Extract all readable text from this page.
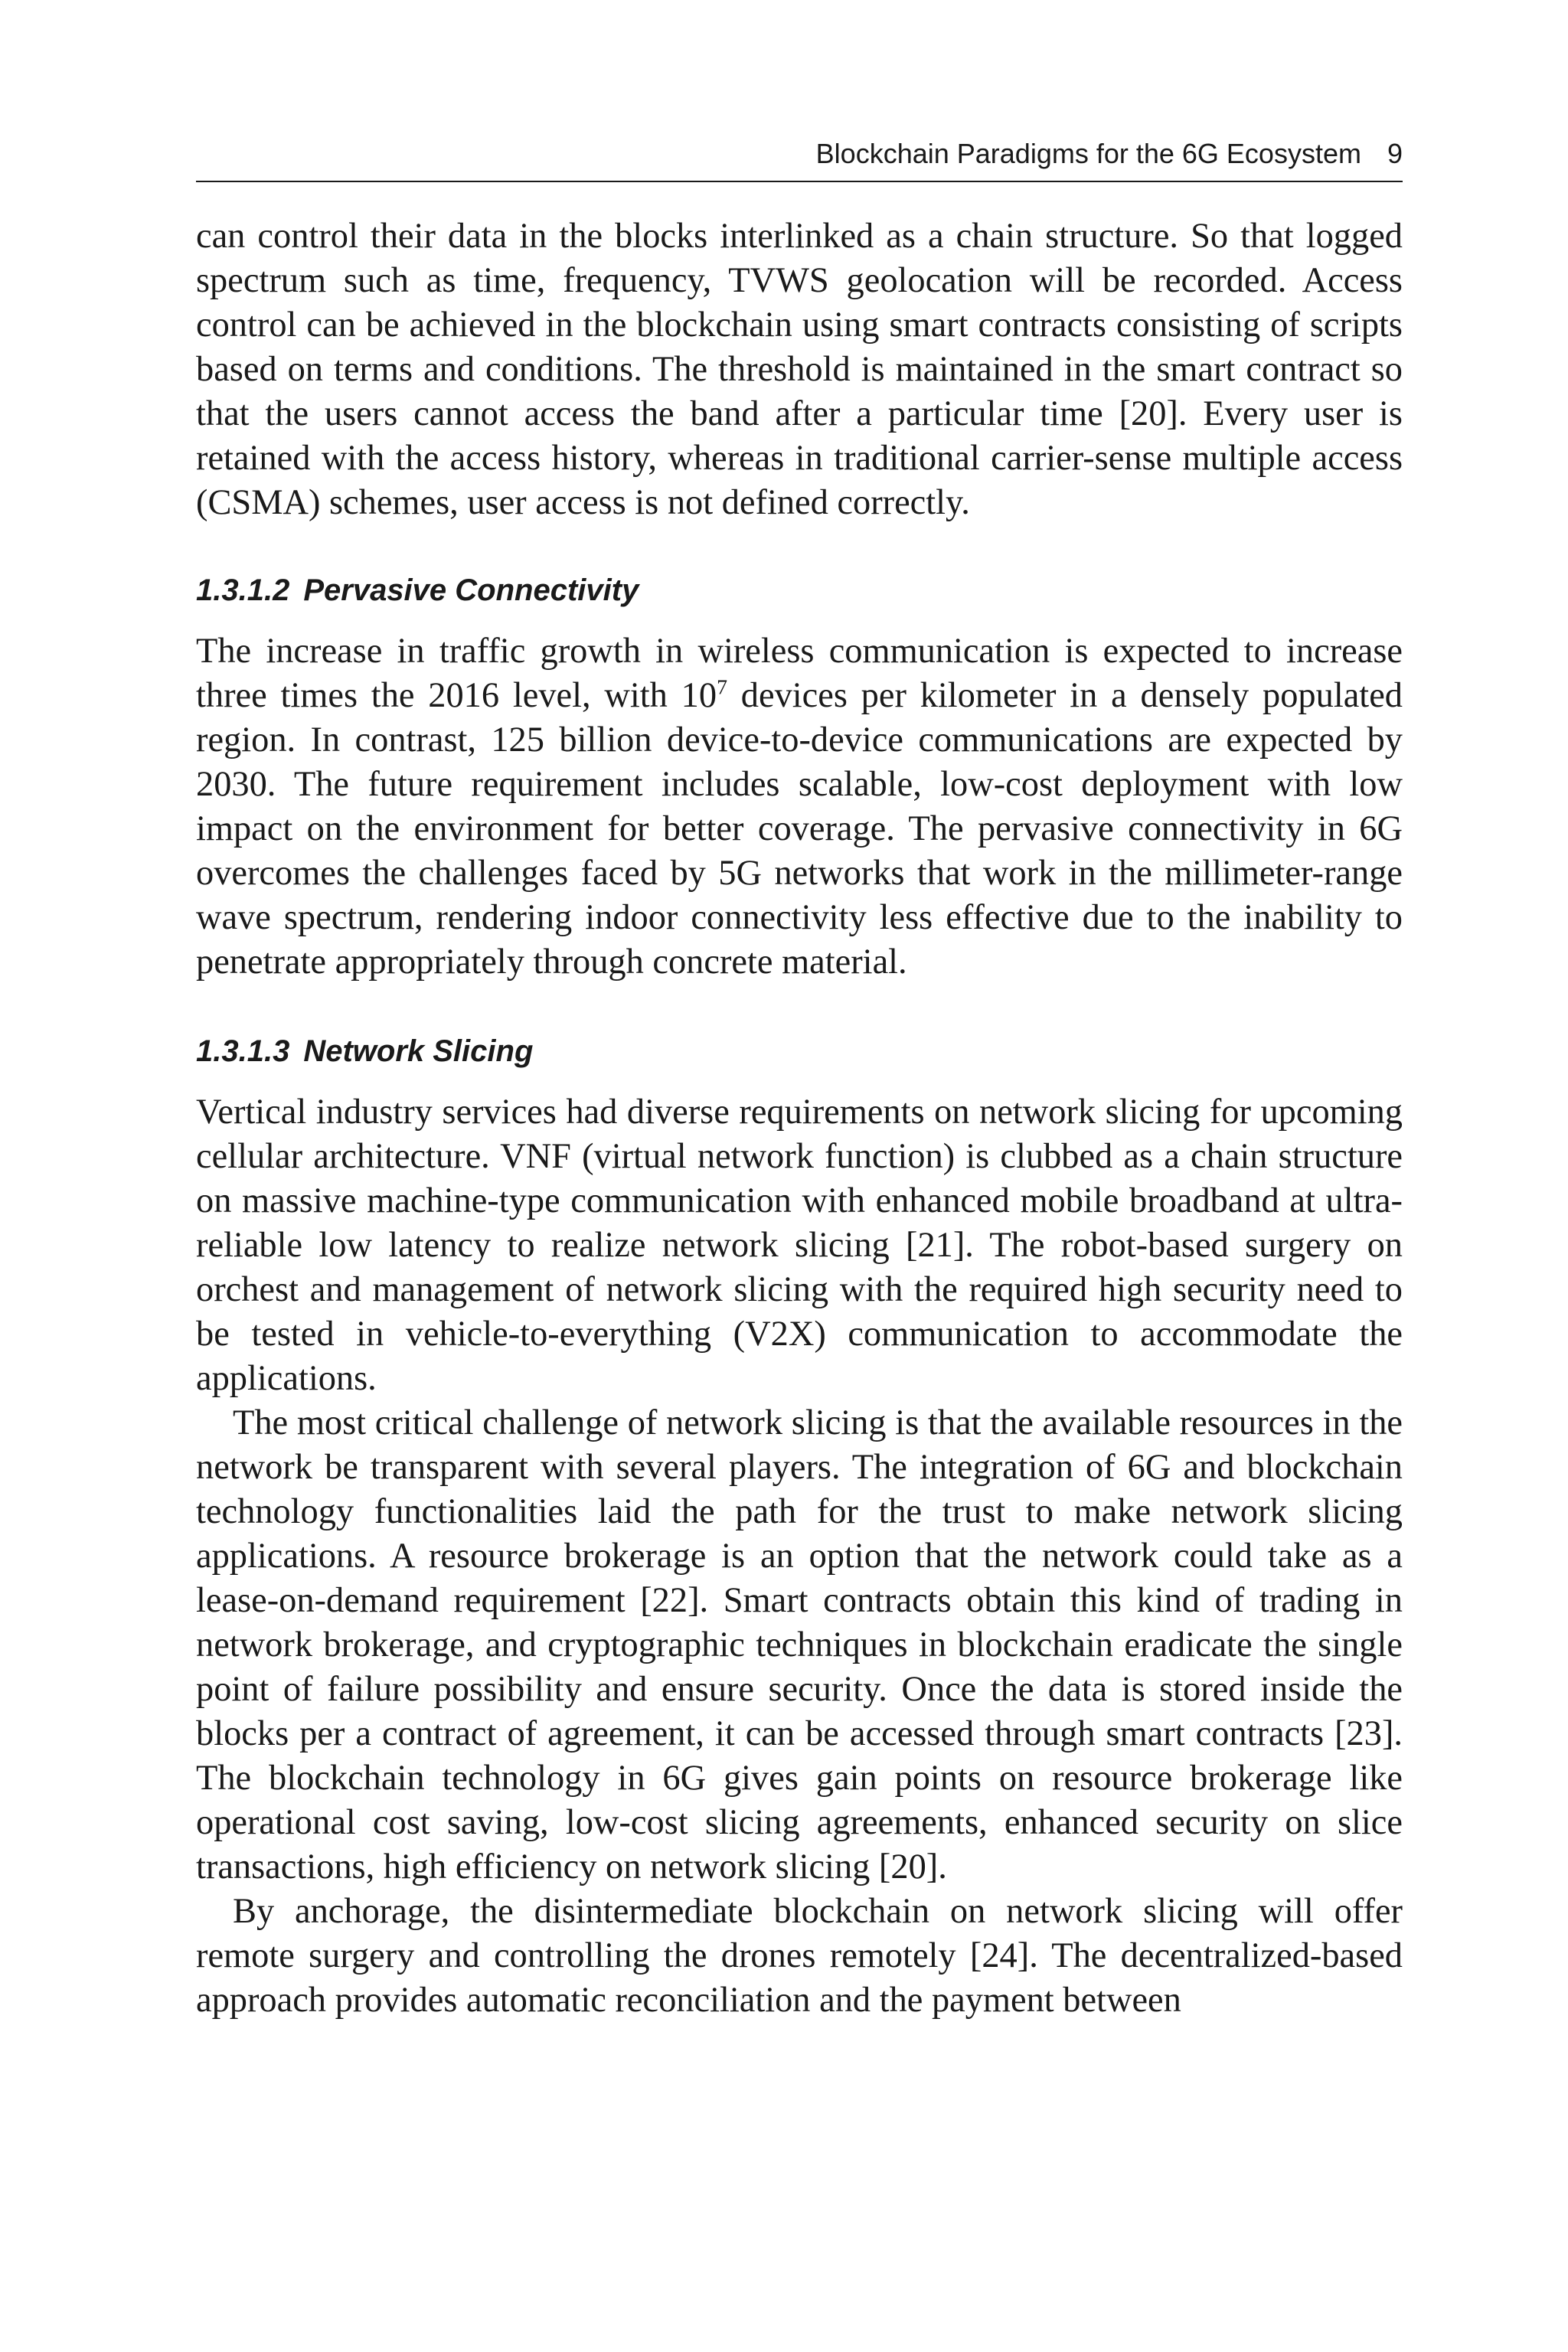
Blockchain Paradigms for the 6G Ecosystem 9

can control their data in the blocks interlinked as a chain structure. So that logged spectrum such as time, frequency, TVWS geolocation will be recorded. Access control can be achieved in the blockchain using smart contracts consisting of scripts based on terms and conditions. The threshold is maintained in the smart contract so that the users cannot access the band after a particular time [20]. Every user is retained with the access history, whereas in traditional carrier-sense multiple access (CSMA) schemes, user access is not defined correctly.

1.3.1.2 Pervasive Connectivity

The increase in traffic growth in wireless communication is expected to increase three times the 2016 level, with $10^7$ devices per kilometer in a densely populated region. In contrast, 125 billion device-to-device communications are expected by 2030. The future requirement includes scalable, low-cost deployment with low impact on the environment for better coverage. The pervasive connectivity in 6G overcomes the challenges faced by 5G networks that work in the millimeter-range wave spectrum, rendering indoor connectivity less effective due to the inability to penetrate appropriately through concrete material.

1.3.1.3 Network Slicing

Vertical industry services had diverse requirements on network slicing for upcoming cellular architecture. VNF (virtual network function) is clubbed as a chain structure on massive machine-type communication with enhanced mobile broadband at ultra-reliable low latency to realize network slicing [21]. The robot-based surgery on orchest and management of network slicing with the required high security need to be tested in vehicle-to-everything (V2X) communication to accommodate the applications.

The most critical challenge of network slicing is that the available resources in the network be transparent with several players. The integration of 6G and blockchain technology functionalities laid the path for the trust to make network slicing applications. A resource brokerage is an option that the network could take as a lease-on-demand requirement [22]. Smart contracts obtain this kind of trading in network brokerage, and cryptographic techniques in blockchain eradicate the single point of failure possibility and ensure security. Once the data is stored inside the blocks per a contract of agreement, it can be accessed through smart contracts [23]. The blockchain technology in 6G gives gain points on resource brokerage like operational cost saving, low-cost slicing agreements, enhanced security on slice transactions, high efficiency on network slicing [20].

By anchorage, the disintermediate blockchain on network slicing will offer remote surgery and controlling the drones remotely [24]. The decentralized-based approach provides automatic reconciliation and the payment between
